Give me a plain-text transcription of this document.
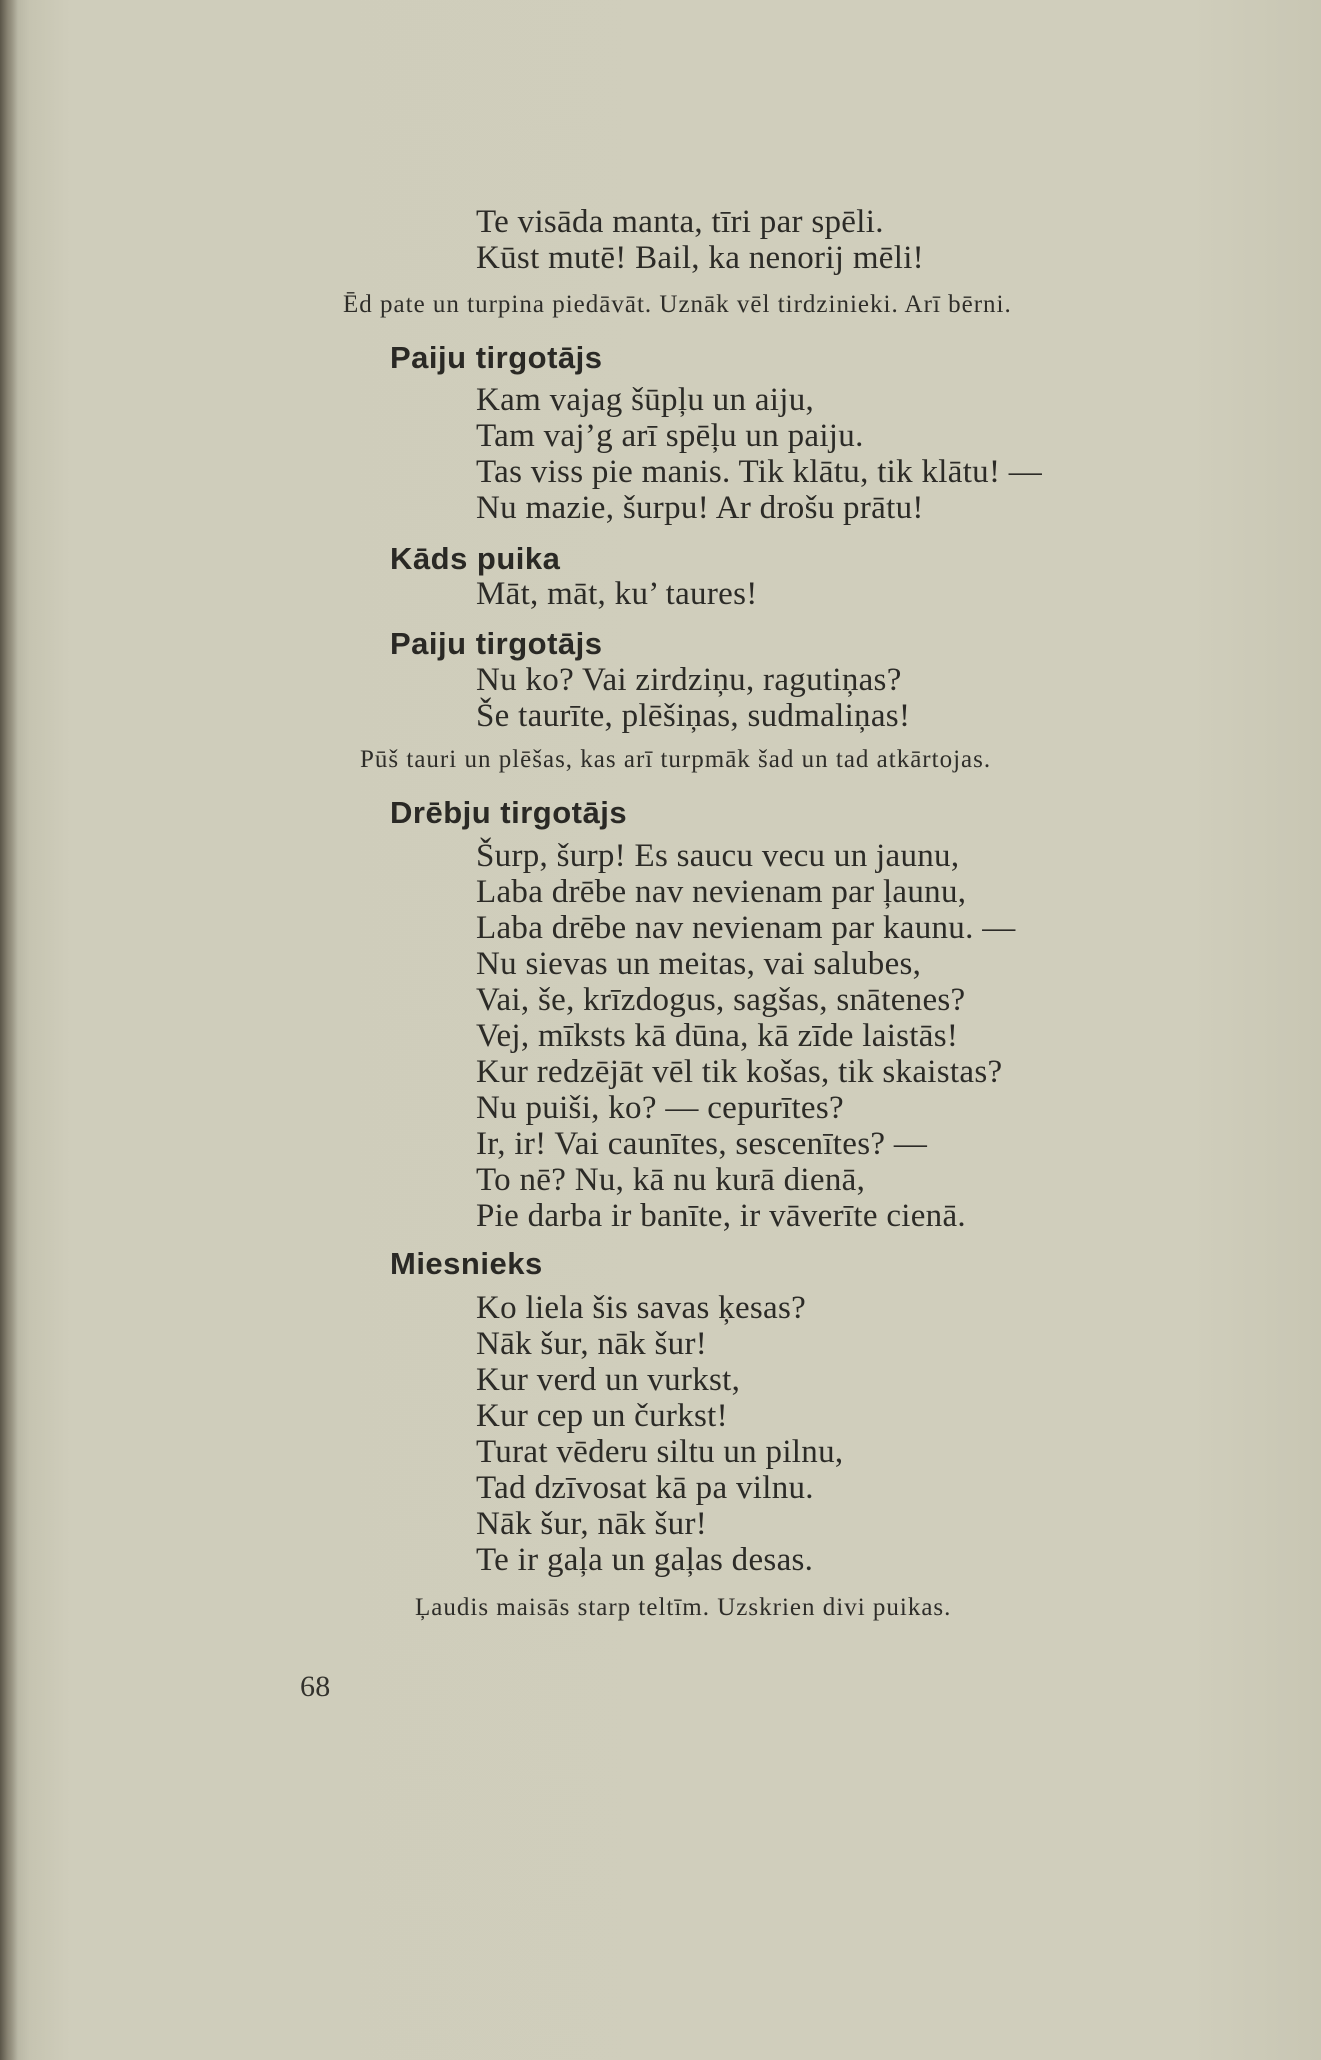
Te visāda manta, tīri par spēli.
Kūst mutē! Bail, ka nenorij mēli!
Ēd pate un turpina piedāvāt. Uznāk vēl tirdzinieki. Arī bērni.
Paiju tirgotājs
Kam vajag šūpļu un aiju,
Tam vaj’g arī spēļu un paiju.
Tas viss pie manis. Tik klātu, tik klātu! —
Nu mazie, šurpu! Ar drošu prātu!
Kāds puika
Māt, māt, ku’ taures!
Paiju tirgotājs
Nu ko? Vai zirdziņu, ragutiņas?
Še taurīte, plēšiņas, sudmaliņas!
Pūš tauri un plēšas, kas arī turpmāk šad un tad atkārtojas.
Drēbju tirgotājs
Šurp, šurp! Es saucu vecu un jaunu,
Laba drēbe nav nevienam par ļaunu,
Laba drēbe nav nevienam par kaunu. —
Nu sievas un meitas, vai salubes,
Vai, še, krīzdogus, sagšas, snātenes?
Vej, mīksts kā dūna, kā zīde laistās!
Kur redzējāt vēl tik košas, tik skaistas?
Nu puiši, ko? — cepurītes?
Ir, ir! Vai caunītes, sescenītes? —
To nē? Nu, kā nu kurā dienā,
Pie darba ir banīte, ir vāverīte cienā.
Miesnieks
Ko liela šis savas ķesas?
Nāk šur, nāk šur!
Kur verd un vurkst,
Kur cep un čurkst!
Turat vēderu siltu un pilnu,
Tad dzīvosat kā pa vilnu.
Nāk šur, nāk šur!
Te ir gaļa un gaļas desas.
Ļaudis maisās starp teltīm. Uzskrien divi puikas.
68
